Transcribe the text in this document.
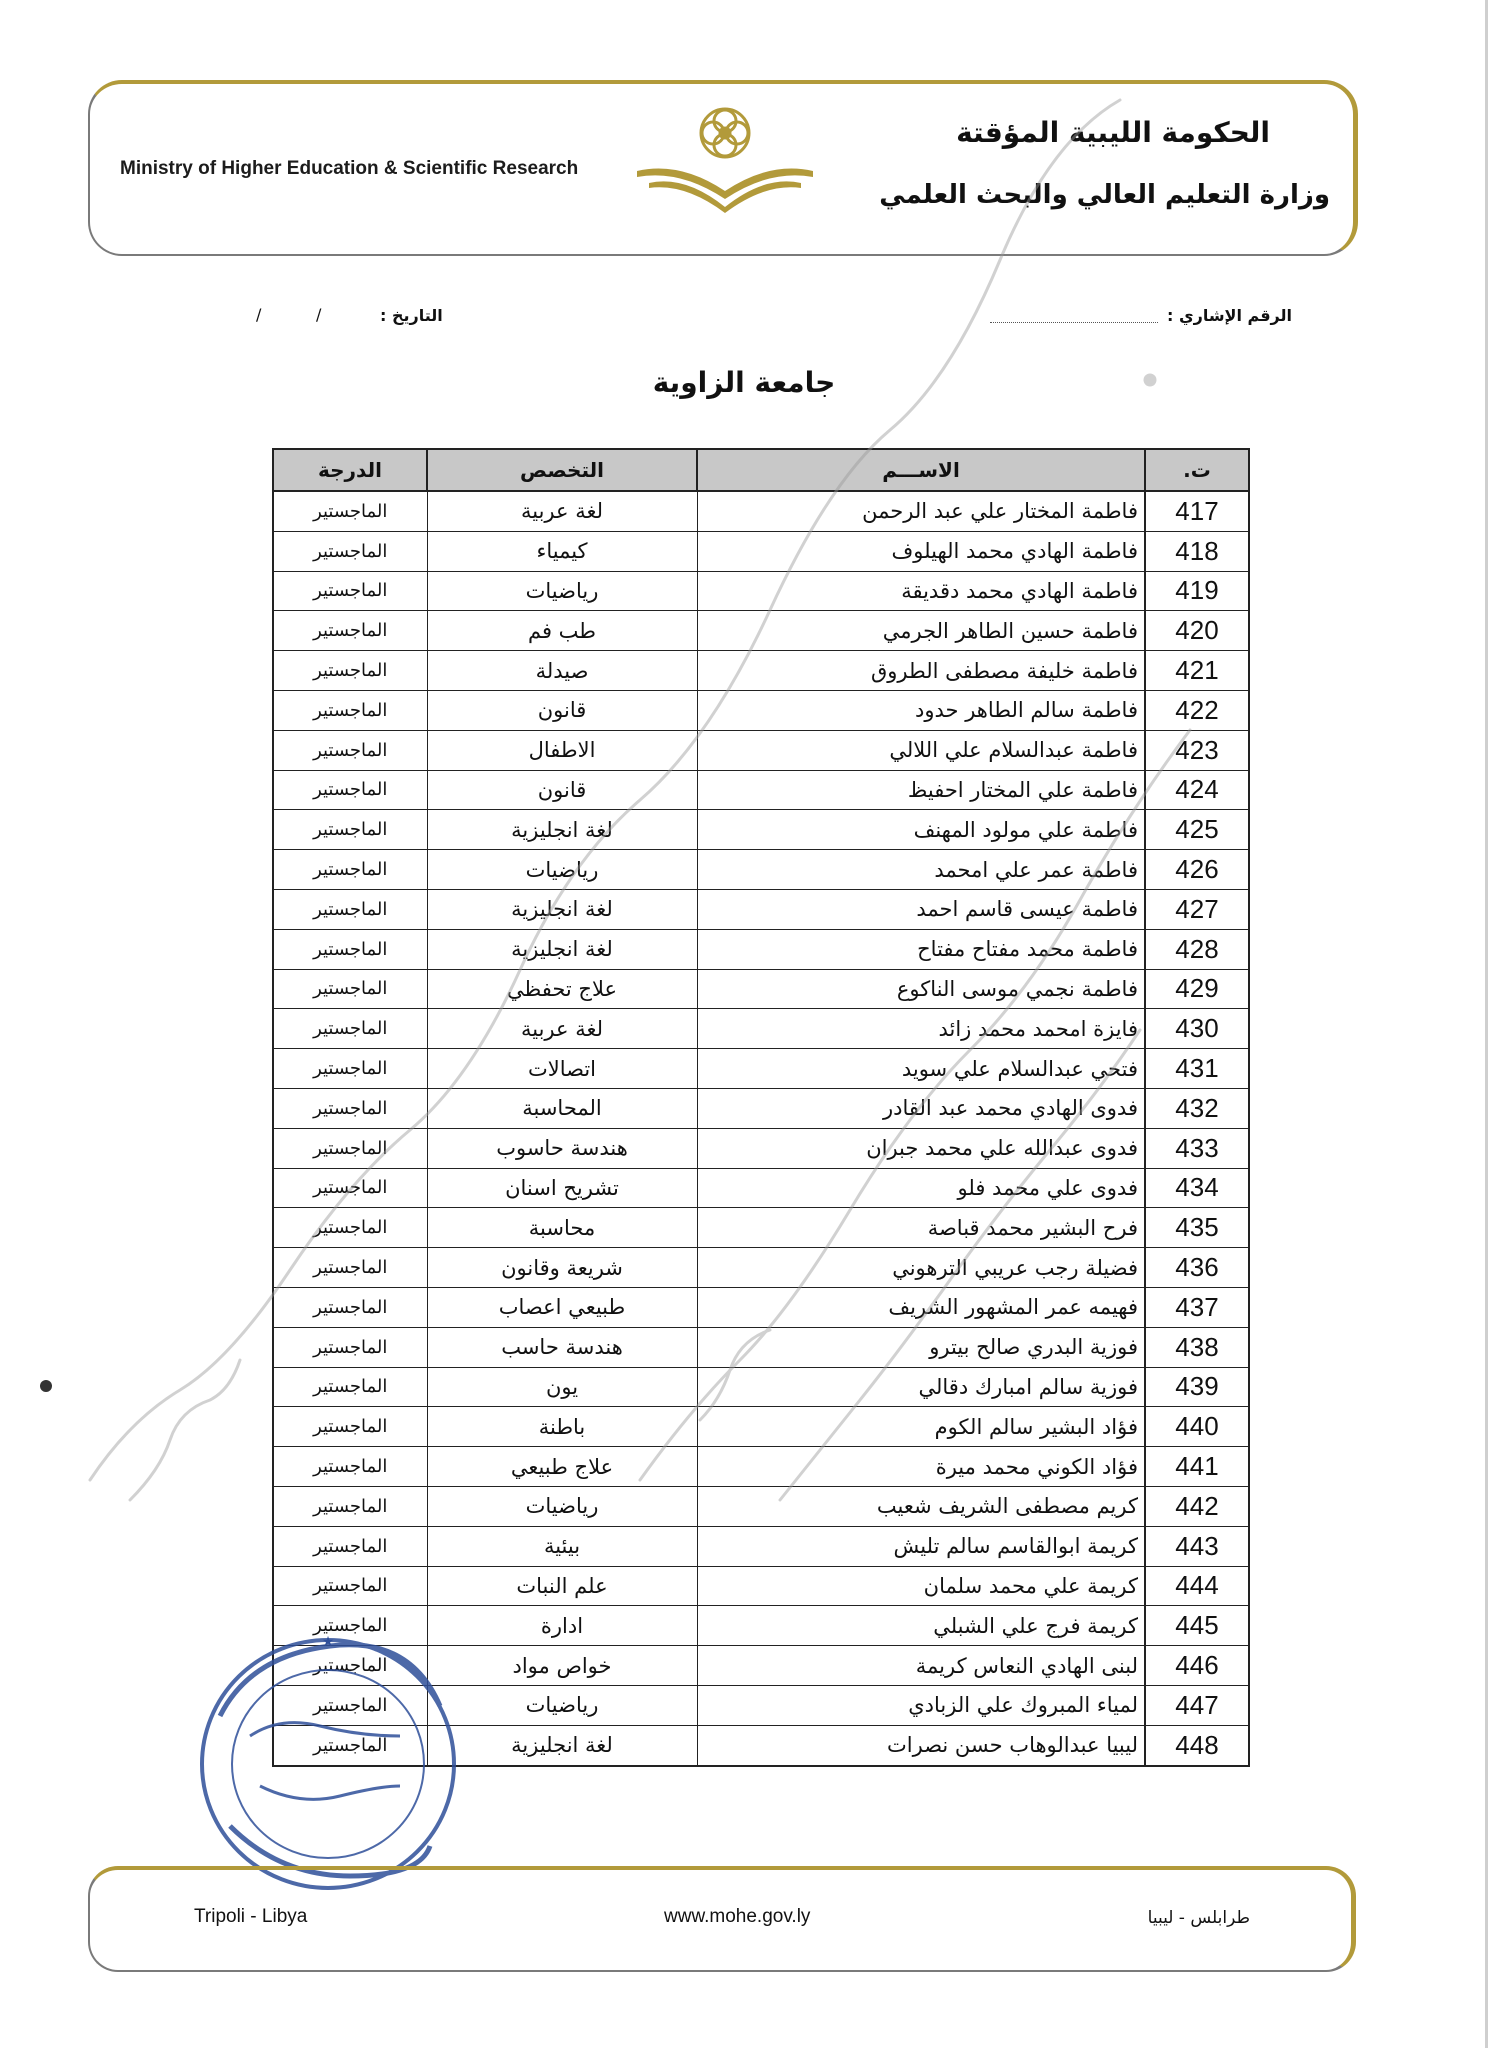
Ministry of Higher Education & Scientific Research
الحكومة الليبية المؤقتة
وزارة التعليم العالي والبحث العلمي
الرقم الإشاري :
التاريخ :
/
/
جامعة الزاوية
ت.	الاســـم	التخصص	الدرجة
417	فاطمة المختار علي عبد الرحمن	لغة عربية	الماجستير
418	فاطمة الهادي محمد الهيلوف	كيمياء	الماجستير
419	فاطمة الهادي محمد دقديقة	رياضيات	الماجستير
420	فاطمة حسين الطاهر الجرمي	طب فم	الماجستير
421	فاطمة خليفة مصطفى الطروق	صيدلة	الماجستير
422	فاطمة سالم الطاهر حدود	قانون	الماجستير
423	فاطمة عبدالسلام علي اللالي	الاطفال	الماجستير
424	فاطمة علي المختار احفيظ	قانون	الماجستير
425	فاطمة علي مولود المهنف	لغة انجليزية	الماجستير
426	فاطمة عمر علي امحمد	رياضيات	الماجستير
427	فاطمة عيسى قاسم احمد	لغة انجليزية	الماجستير
428	فاطمة محمد مفتاح مفتاح	لغة انجليزية	الماجستير
429	فاطمة نجمي موسى الناكوع	علاج تحفظي	الماجستير
430	فايزة امحمد محمد زائد	لغة عربية	الماجستير
431	فتحي عبدالسلام علي سويد	اتصالات	الماجستير
432	فدوى الهادي محمد عبد القادر	المحاسبة	الماجستير
433	فدوى عبدالله علي محمد جبران	هندسة حاسوب	الماجستير
434	فدوى علي محمد فلو	تشريح اسنان	الماجستير
435	فرح البشير محمد قباصة	محاسبة	الماجستير
436	فضيلة رجب عريبي الترهوني	شريعة وقانون	الماجستير
437	فهيمه عمر المشهور الشريف	طبيعي اعصاب	الماجستير
438	فوزية البدري صالح بيترو	هندسة حاسب	الماجستير
439	فوزية سالم امبارك دقالي	يون	الماجستير
440	فؤاد البشير سالم الكوم	باطنة	الماجستير
441	فؤاد الكوني محمد ميرة	علاج طبيعي	الماجستير
442	كريم مصطفى الشريف شعيب	رياضيات	الماجستير
443	كريمة ابوالقاسم سالم تليش	بيئية	الماجستير
444	كريمة علي محمد سلمان	علم النبات	الماجستير
445	كريمة فرج علي الشبلي	ادارة	الماجستير
446	لبنى الهادي النعاس كريمة	خواص مواد	الماجستير
447	لمياء المبروك علي الزبادي	رياضيات	الماجستير
448	ليبيا عبدالوهاب حسن نصرات	لغة انجليزية	الماجستير
★
Tripoli - Libya	www.mohe.gov.ly	طرابلس - ليبيا
